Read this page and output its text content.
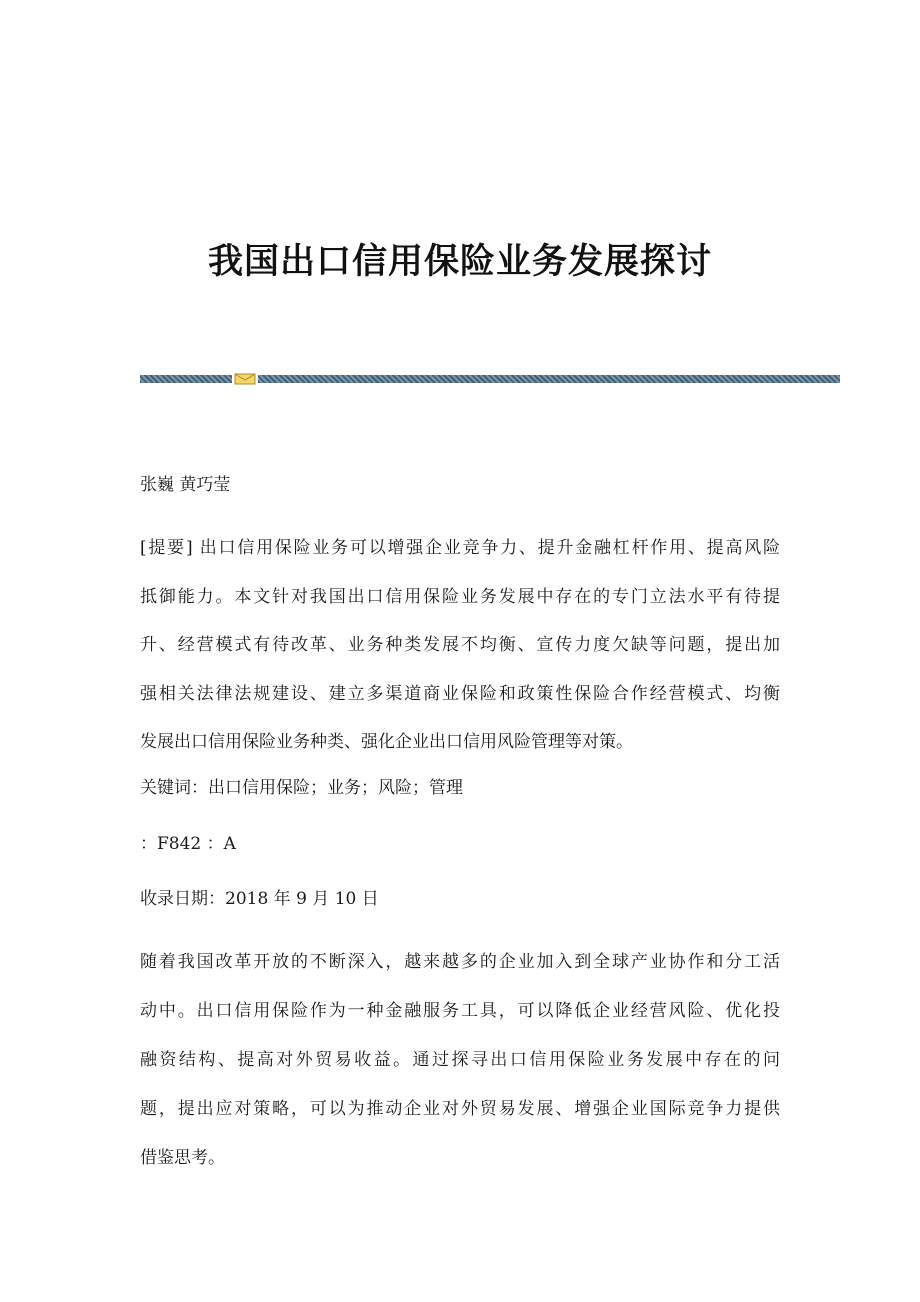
我国出口信用保险业务发展探讨
张巍 黄巧莹
[提要] 出口信用保险业务可以增强企业竞争力、提升金融杠杆作用、提高风险
抵御能力。本文针对我国出口信用保险业务发展中存在的专门立法水平有待提
升、经营模式有待改革、业务种类发展不均衡、宣传力度欠缺等问题，提出加
强相关法律法规建设、建立多渠道商业保险和政策性保险合作经营模式、均衡
发展出口信用保险业务种类、强化企业出口信用风险管理等对策。
关键词：出口信用保险；业务；风险；管理
：F842 ：A
收录日期：2018 年 9 月 10 日
随着我国改革开放的不断深入，越来越多的企业加入到全球产业协作和分工活
动中。出口信用保险作为一种金融服务工具，可以降低企业经营风险、优化投
融资结构、提高对外贸易收益。通过探寻出口信用保险业务发展中存在的问
题，提出应对策略，可以为推动企业对外贸易发展、增强企业国际竞争力提供
借鉴思考。
